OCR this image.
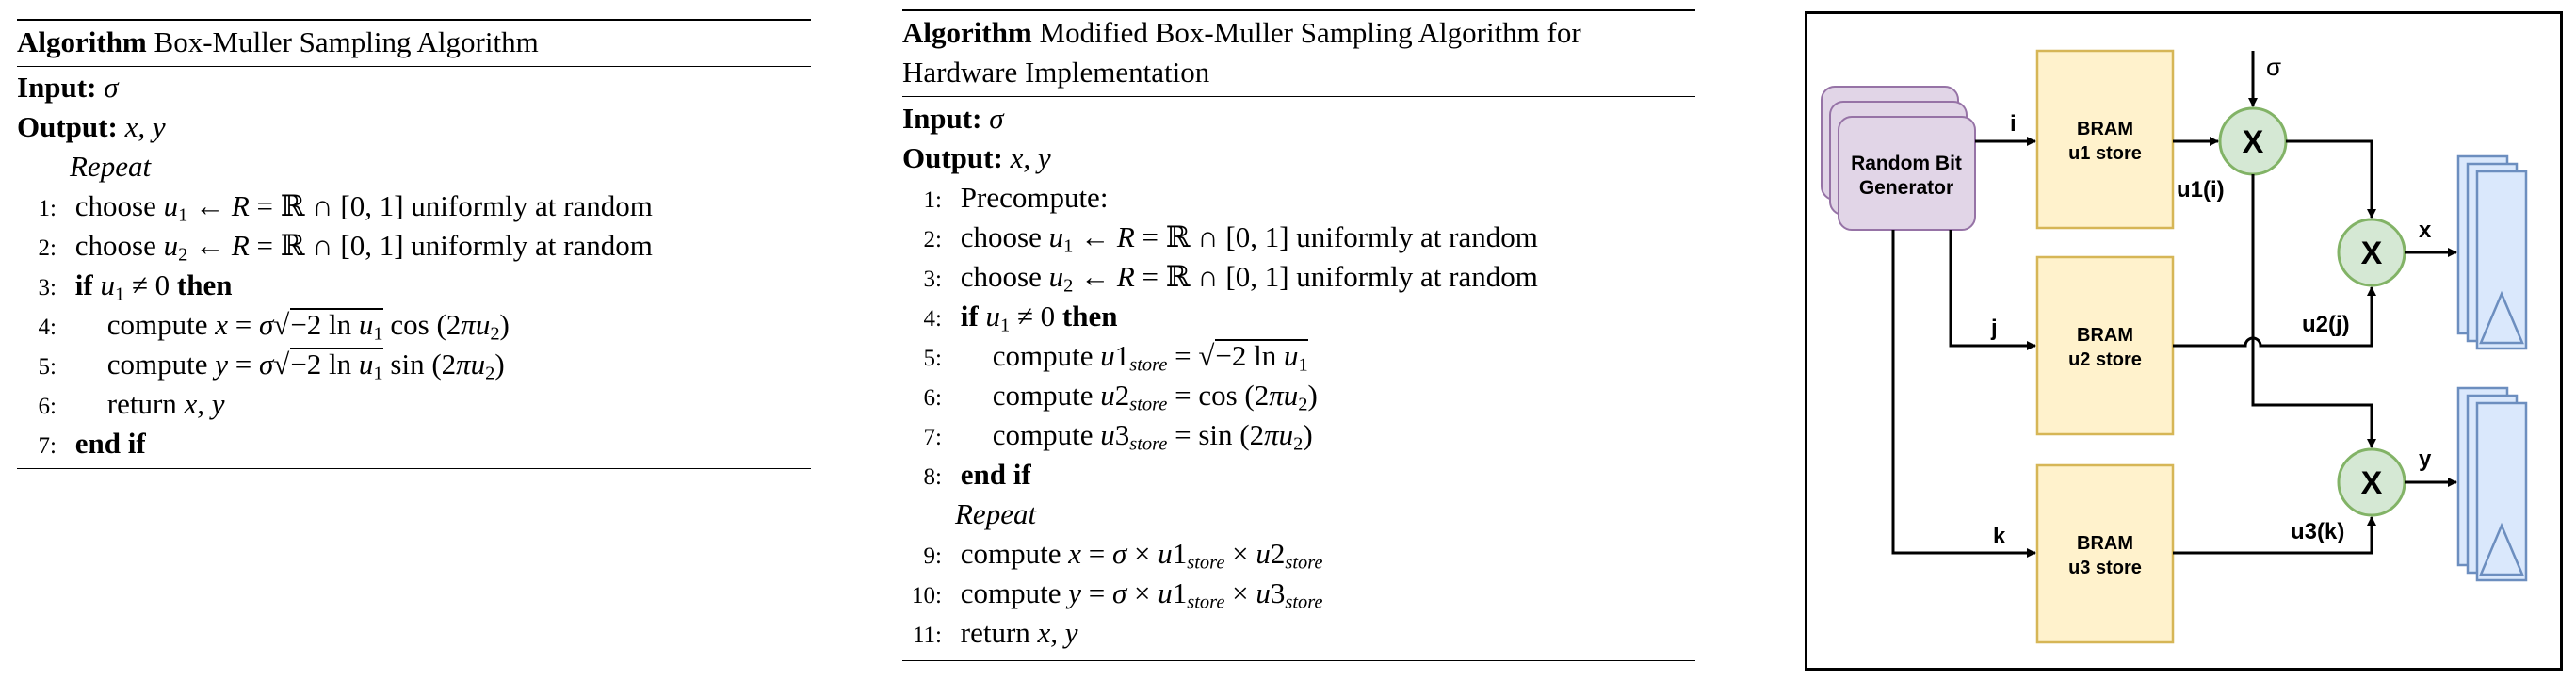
Algorithm Box-Muller Sampling Algorithm
Input: σ
Output: x, y
Repeat
1: choose $u_1$ ← R = ℝ ∩ [0, 1] uniformly at random
2: choose $u_2$ ← R = ℝ ∩ [0, 1] uniformly at random
3: if $u_1 \ne 0$ then
4: compute x = σ√−2 $\ln u_1$ $\cos (2\pi u_2)$
5: compute y = σ√−2 $\ln u_1$ $\sin (2\pi u_2)$
6: return x, y
7: end if
Algorithm Modified Box-Muller Sampling Algorithm for
Hardware Implementation
Input: σ
Output: x, y
1: Precompute:
2: choose $u_1$ ← R = ℝ ∩ [0, 1] uniformly at random
3: choose $u_2$ ← R = ℝ ∩ [0, 1] uniformly at random
4: if $u_1 \ne 0$ then
5: compute $u1_{store} = √-2$ $\ln u_1$
6: compute $u2_{store} = \cos (2\pi u_2)$
7: compute $u3_{store} = \sin (2\pi u_2)$
8: end if
Repeat
9: compute $x = \sigma \times u1_{store} \times u2_{store}$
10: compute $y = \sigma \times u1_{store} \times u3_{store}$
11: return x, y
Random Bit
Generator
BRAM
u1 store
BRAM
u2 store
BRAM
u3 store
X
X
X
i
j
k
σ
u1(i)
u2(j)
u3(k)
x
y
